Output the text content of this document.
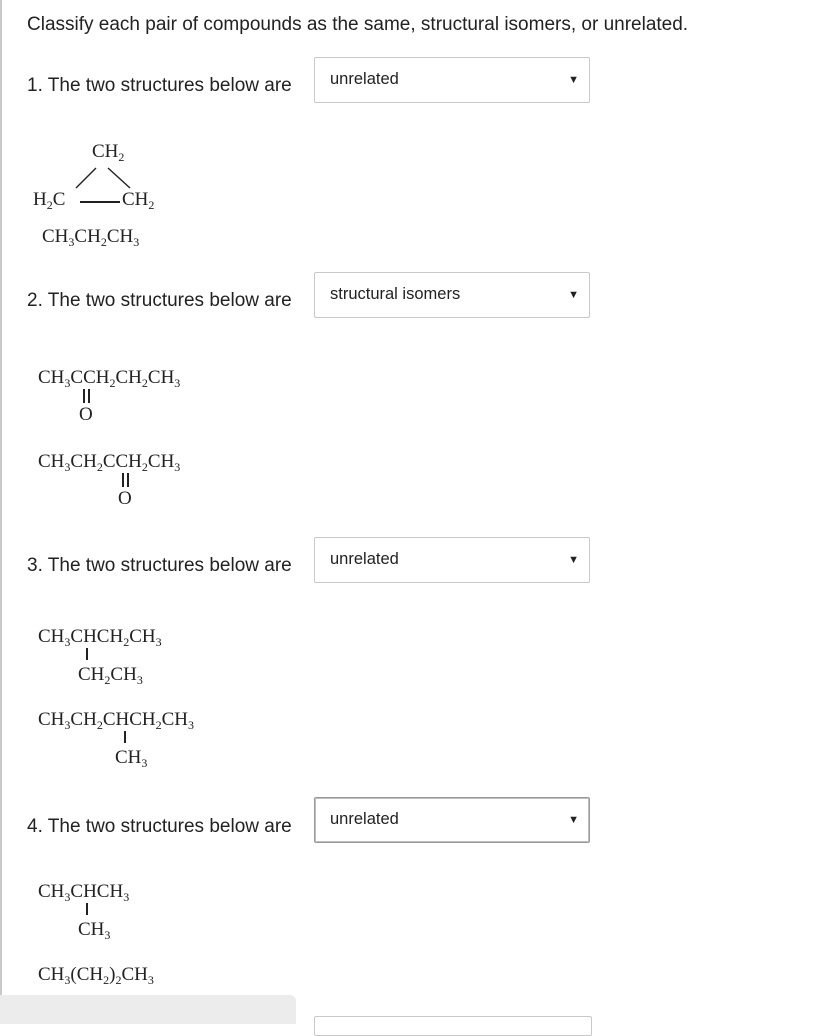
Classify each pair of compounds as the same, structural isomers, or unrelated.
1. The two structures below are unrelated	▼
$CH_2$
$H_2C$	$CH_2$
$CH_3CH_2CH_3$
2. The two structures below are structural isomers	▼
$CH_3CCH_2CH_2CH_3$
O
$CH_3CH_2CCH_2CH_3$
O
3. The two structures below are unrelated	▼
$CH_3CHCH_2CH_3$
$CH_2CH_3$
$CH_3CH_2CHCH_2CH_3$
$CH_3$
4. The two structures below are unrelated	▼
$CH_3CHCH_3$
$CH_3$
$CH_3(CH_2)_2CH_3$
